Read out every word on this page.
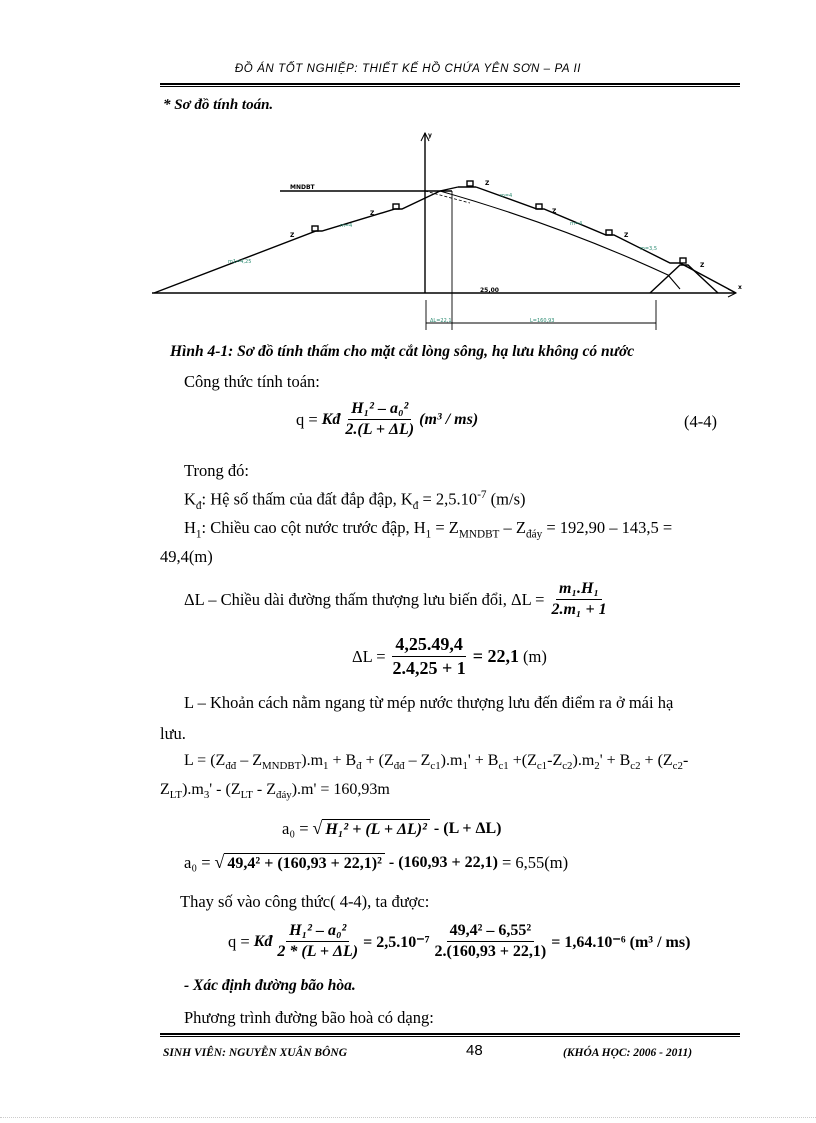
ĐỒ ÁN TỐT NGHIỆP: THIẾT KẾ HỒ CHỨA YÊN SƠN – PA II
* Sơ đồ tính toán.
m1=4,25
m=4
m=4
m=4
m=3,5
ΔL=22,1	L=160,93
MNDBT
Z
Z
Z
Z
Z
Z
25,00
y
x
Hình 4-1: Sơ đồ tính thấm cho mặt cắt lòng sông, hạ lưu không có nước
Công thức tính toán:
q =
K đ $\frac{\text{H₁² – a₀²}}{2.(L + \Delta L)} (m^3 / ms)$	(4-4)
Trong đó:
$K_đ$: Hệ số thấm của đất đắp đập, $K_đ = 2,5.10^{-7}$ (m/s)
$H_1$: Chiều cao cột nước trước đập, $H_1 = Z_{MNDBT} - Z_{đáy} = 192,90 - 143,5$ =
49,4(m)
ΔL – Chiều dài đường thấm thượng lưu biến đổi, ΔL =
$\frac{\text{m₁.H₁}}{\text{2.m₁ + 1}}$
ΔL =
$\frac{4,25.49,4}{2.4,25 + 1} = 22,1$
(m)
L – Khoản cách nằm ngang từ mép nước thượng lưu đến điểm ra ở mái hạ
lưu.
$L = (Z_{đđ} - Z_{MNDBT}).m_1 + B_đ + (Z_{đđ} - Z_{c1}).m_1' + B_{c1} +(Z_{c1}-Z_{c2}).m_2' + B_{c2} + (Z_{c2}-$
$Z_{LT}).m_3' - (Z_{LT} - Z_{đáy}).m' = 160,93m$
a₀ =
√ H₁² + (L + ΔL)²
- (L + ΔL)
a₀ =
√ 49,4² + (160,93 + 22,1)²
- (160,93 + 22,1)
= 6,55(m)
Thay số vào công thức( 4-4), ta được:
q =
K đ $\frac{\text{H₁² – a₀²}}{2 * (L + \Delta L)} = 2,5.10^{-7} \frac{\text{49,4² – 6,55²}}{2.(160,93 + 22,1)} = 1,64.10^{-6}$ (m³ / ms)
- Xác định đường bão hòa.
Phương trình đường bão hoà có dạng:
SINH VIÊN: NGUYỄN XUÂN BÔNG	48	(KHÓA HỌC: 2006 - 2011)
